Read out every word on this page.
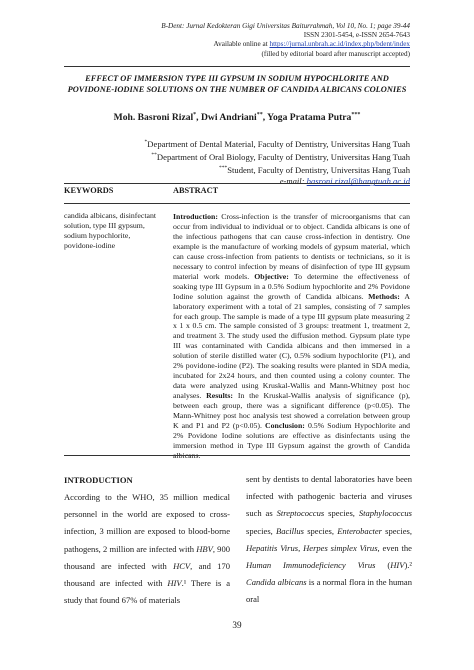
B-Dent: Jurnal Kedokteran Gigi Universitas Baiturrahmah, Vol 10, No. 1; page 39-44
ISSN 2301-5454, e-ISSN 2654-7643
Available online at https://jurnal.unbrah.ac.id/index.php/bdent/index
(filled by editorial board after manuscript accepted)
EFFECT OF IMMERSION TYPE III GYPSUM IN SODIUM HYPOCHLORITE AND POVIDONE-IODINE SOLUTIONS ON THE NUMBER OF CANDIDA ALBICANS COLONIES
Moh. Basroni Rizal*, Dwi Andriani**, Yoga Pratama Putra***
*Department of Dental Material, Faculty of Dentistry, Universitas Hang Tuah
**Department of Oral Biology, Faculty of Dentistry, Universitas Hang Tuah
***Student, Faculty of Dentistry, Universitas Hang Tuah
e-mail: basroni.rizal@hangtuah.ac.id
KEYWORDS	ABSTRACT
candida albicans, disinfectant solution, type III gypsum, sodium hypochlorite, povidone-iodine
Introduction: Cross-infection is the transfer of microorganisms that can occur from individual to individual or to object. Candida albicans is one of the infectious pathogens that can cause cross-infection in dentistry. One example is the manufacture of working models of gypsum material, which can cause cross-infection from patients to dentists or technicians, so it is necessary to control infection by means of disinfection of type III gypsum material work models. Objective: To determine the effectiveness of soaking type III Gypsum in a 0.5% Sodium hypochlorite and 2% Povidone Iodine solution against the growth of Candida albicans. Methods: A laboratory experiment with a total of 21 samples, consisting of 7 samples for each group. The sample is made of a type III gypsum plate measuring 2 x 1 x 0.5 cm. The sample consisted of 3 groups: treatment 1, treatment 2, and treatment 3. The study used the diffusion method. Gypsum plate type III was contaminated with Candida albicans and then immersed in a solution of sterile distilled water (C), 0.5% sodium hypochlorite (P1), and 2% povidone-iodine (P2). The soaking results were planted in SDA media, incubated for 2x24 hours, and then counted using a colony counter. The data were analyzed using Kruskal-Wallis and Mann-Whitney post hoc analyses. Results: In the Kruskal-Wallis analysis of significance (p), between each group, there was a significant difference (p<0.05). The Mann-Whitney post hoc analysis test showed a correlation between group K and P1 and P2 (p<0.05). Conclusion: 0.5% Sodium Hypochlorite and 2% Povidone Iodine solutions are effective as disinfectants using the immersion method in Type III Gypsum against the growth of Candida albicans.
INTRODUCTION
According to the WHO, 35 million medical personnel in the world are exposed to cross-infection, 3 million are exposed to blood-borne pathogens, 2 million are infected with HBV, 900 thousand are infected with HCV, and 170 thousand are infected with HIV.¹ There is a study that found 67% of materials
sent by dentists to dental laboratories have been infected with pathogenic bacteria and viruses such as Streptococcus species, Staphylococcus species, Bacillus species, Enterobacter species, Hepatitis Virus, Herpes simplex Virus, even the Human Immunodeficiency Virus (HIV).² Candida albicans is a normal flora in the human oral
39
